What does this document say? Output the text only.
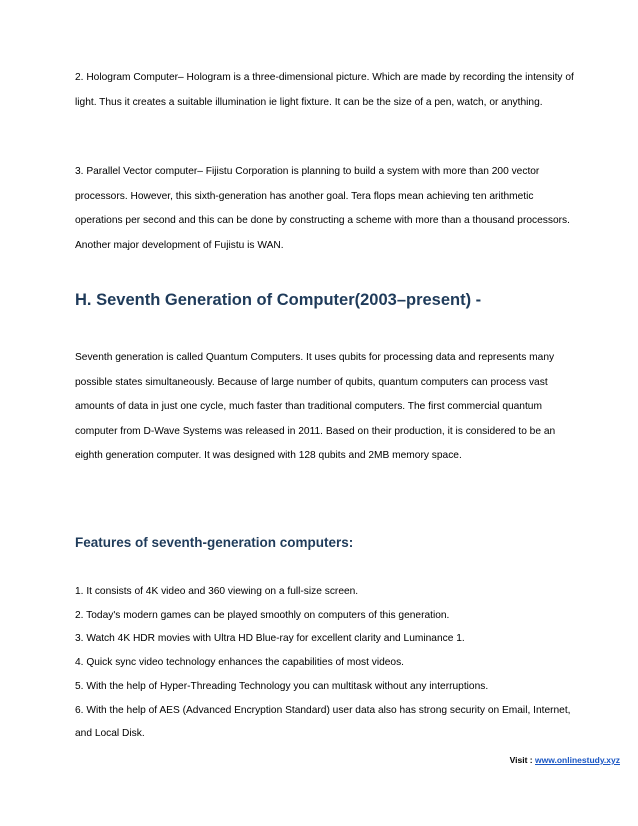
2. Hologram Computer– Hologram is a three-dimensional picture. Which are made by recording the intensity of light. Thus it creates a suitable illumination ie light fixture. It can be the size of a pen, watch, or anything.

3. Parallel Vector computer– Fijistu Corporation is planning to build a system with more than 200 vector processors. However, this sixth-generation has another goal. Tera flops mean achieving ten arithmetic operations per second and this can be done by constructing a scheme with more than a thousand processors. Another major development of Fujistu is WAN.

H. Seventh Generation of Computer(2003–present) -

Seventh generation is called Quantum Computers. It uses qubits for processing data and represents many possible states simultaneously. Because of large number of qubits, quantum computers can process vast amounts of data in just one cycle, much faster than traditional computers. The first commercial quantum computer from D-Wave Systems was released in 2011. Based on their production, it is considered to be an eighth generation computer. It was designed with 128 qubits and 2MB memory space.

Features of seventh-generation computers:
1. It consists of 4K video and 360 viewing on a full-size screen.
2. Today's modern games can be played smoothly on computers of this generation.
3. Watch 4K HDR movies with Ultra HD Blue-ray for excellent clarity and Luminance 1.
4. Quick sync video technology enhances the capabilities of most videos.
5. With the help of Hyper-Threading Technology you can multitask without any interruptions.
6. With the help of AES (Advanced Encryption Standard) user data also has strong security on Email, Internet, and Local Disk.
Visit : www.onlinestudy.xyz
